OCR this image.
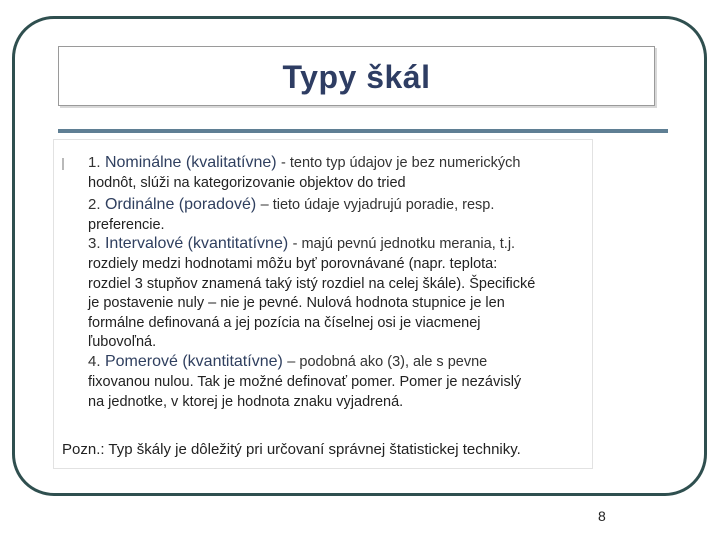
Typy škál
1. Nominálne (kvalitatívne) - tento typ údajov je bez numerických
hodnôt, slúži na kategorizovanie objektov do tried
2. Ordinálne (poradové) – tieto údaje vyjadrujú poradie, resp.
preferencie.
3. Intervalové (kvantitatívne) - majú pevnú jednotku merania, t.j.
rozdiely medzi hodnotami môžu byť porovnávané (napr. teplota:
rozdiel 3 stupňov znamená taký istý rozdiel na celej škále). Špecifické
je postavenie nuly – nie je pevné. Nulová hodnota stupnice je len
formálne definovaná a jej pozícia na číselnej osi je viacmenej
ľubovoľná.
4. Pomerové (kvantitatívne) – podobná ako (3), ale s pevne
fixovanou nulou. Tak je možné definovať pomer. Pomer je nezávislý
na jednotke, v ktorej je hodnota znaku vyjadrená.
Pozn.: Typ škály je dôležitý pri určovaní správnej štatistickej techniky.
8
